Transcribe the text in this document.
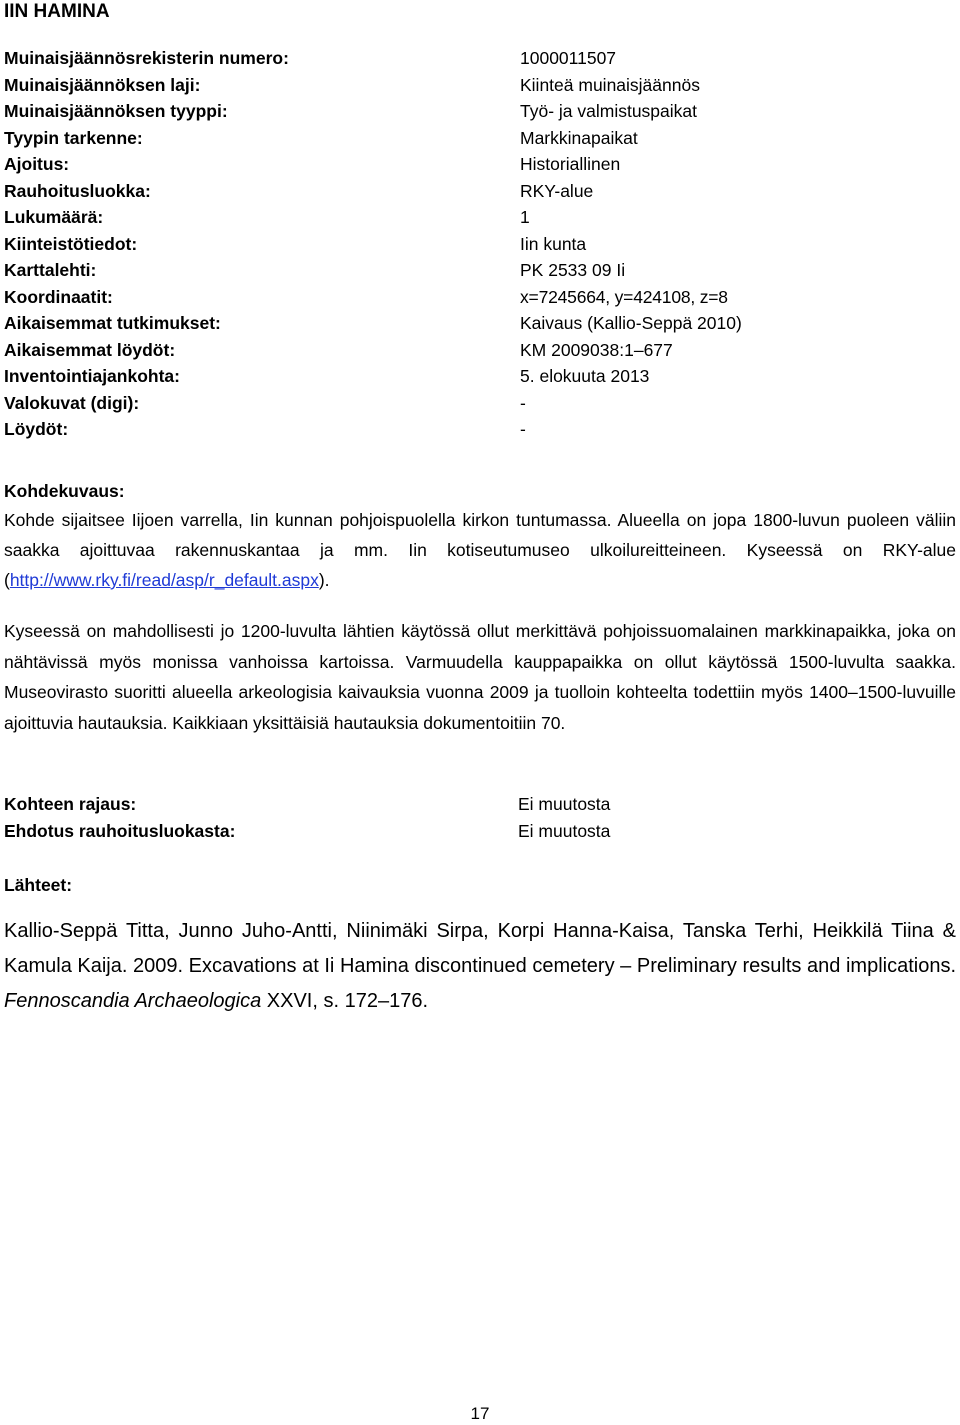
IIN HAMINA
Muinaisjäännösrekisterin numero:	1000011507
Muinaisjäännöksen laji:	Kiinteä muinaisjäännös
Muinaisjäännöksen tyyppi:	Työ- ja valmistuspaikat
Tyypin tarkenne:	Markkinapaikat
Ajoitus:	Historiallinen
Rauhoitusluokka:	RKY-alue
Lukumäärä:	1
Kiinteistötiedot:	Iin kunta
Karttalehti:	PK 2533 09 Ii
Koordinaatit:	x=7245664, y=424108, z=8
Aikaisemmat tutkimukset:	Kaivaus (Kallio-Seppä 2010)
Aikaisemmat löydöt:	KM 2009038:1–677
Inventointiajankohta:	5. elokuuta 2013
Valokuvat (digi):	-
Löydöt:	-
Kohdekuvaus:
Kohde sijaitsee Iijoen varrella, Iin kunnan pohjoispuolella kirkon tuntumassa. Alueella on jopa 1800-luvun puoleen väliin saakka ajoittuvaa rakennuskantaa ja mm. Iin kotiseutumuseo ulkoilureitteineen. Kyseessä on RKY-alue (http://www.rky.fi/read/asp/r_default.aspx).
Kyseessä on mahdollisesti jo 1200-luvulta lähtien käytössä ollut merkittävä pohjoissuomalainen markkinapaikka, joka on nähtävissä myös monissa vanhoissa kartoissa. Varmuudella kauppapaikka on ollut käytössä 1500-luvulta saakka. Museovirasto suoritti alueella arkeologisia kaivauksia vuonna 2009 ja tuolloin kohteelta todettiin myös 1400–1500-luvuille ajoittuvia hautauksia. Kaikkiaan yksittäisiä hautauksia dokumentoitiin 70.
Kohteen rajaus:	Ei muutosta
Ehdotus rauhoitusluokasta:	Ei muutosta
Lähteet:
Kallio-Seppä Titta, Junno Juho-Antti, Niinimäki Sirpa, Korpi Hanna-Kaisa, Tanska Terhi, Heikkilä Tiina & Kamula Kaija. 2009. Excavations at Ii Hamina discontinued cemetery – Preliminary results and implications. Fennoscandia Archaeologica XXVI, s. 172–176.
17
